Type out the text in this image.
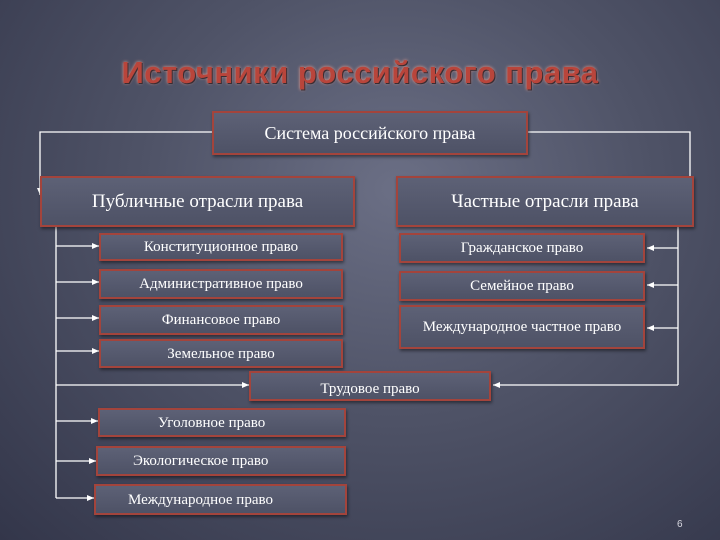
Источники российского права
Система российского права
Публичные отрасли права	Частные отрасли права
Конституционное право
Административное право
Финансовое право
Земельное право
Гражданское право
Семейное право
Международное частное право
Трудовое право
Уголовное право
Экологическое право
Международное право
6
